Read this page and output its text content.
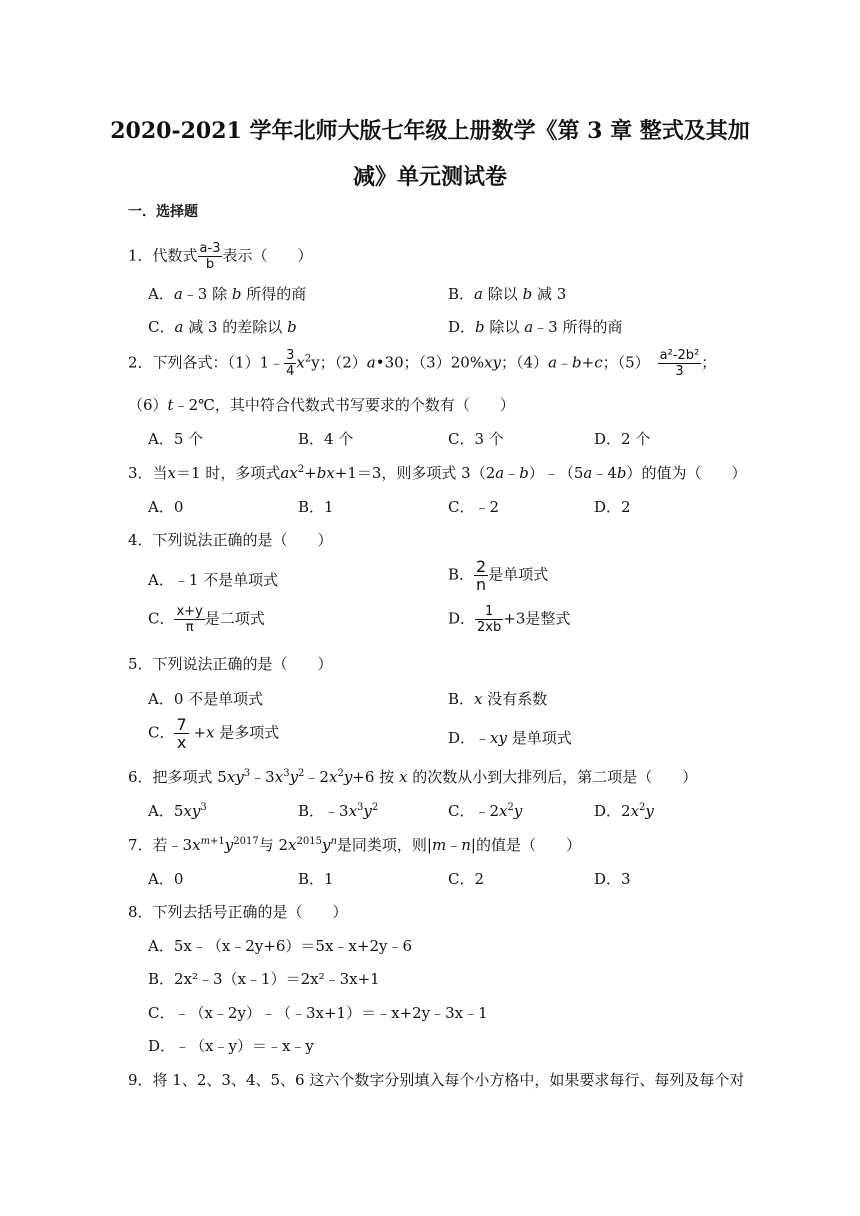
2020-2021 学年北师大版七年级上册数学《第 3 章 整式及其加
减》单元测试卷
一．选择题
1．代数式 $\frac{a-3}{b}$ 表示（　　）
A．a﹣3 除 b 所得的商	B．a 除以 b 减 3
C．a 减 3 的差除以 b	D．b 除以 a﹣3 所得的商
2．下列各式：（1）1﹣ $\frac{3}{4} x^2y$；（2）a•30；（3）20%xy；（4）a﹣b+c；$(5) \frac{\text{a²-2b²}}{3}$ ；
（6）t﹣2℃，其中符合代数式书写要求的个数有（　　）
A．5 个	B．4 个	C．3 个	D．2 个
3．当x＝1 时，多项式$ax^2+bx+1=3$，则多项式 3（2a﹣b）﹣（5a﹣4b）的值为（　　）
A．0	B．1	C．﹣2	D．2
4．下列说法正确的是（　　）
A．﹣1 不是单项式	B． $\frac{2}{n}$ 是单项式
C． $\frac{x+y}{\pi}$ 是二项式	D． $\frac{1}{2xb} +3$是整式
5．下列说法正确的是（　　）
A．0 不是单项式	B．x 没有系数
C． $\frac{7}{x} +x$ 是多项式	D．﹣xy 是单项式
6．把多项式 $5xy^3﹣3x^3y^2﹣2x^2y+6$ 按 x 的次数从小到大排列后，第二项是（　　）
A．$5xy^3$	B．$﹣3x^3y^2$	C．$﹣2x^2y$	D．$2x^2y$
7．若$﹣3x^{m+1}y^{2017}$与 $2x^{2015}y^n$是同类项，则|m﹣n|的值是（　　）
A．0	B．1	C．2	D．3
8．下列去括号正确的是（　　）
A．5x﹣（x﹣2y+6）＝5x﹣x+2y﹣6
B．2x²﹣3（x﹣1）＝2x²﹣3x+1
C．﹣（x﹣2y）﹣（﹣3x+1）＝﹣x+2y﹣3x﹣1
D．﹣（x﹣y）＝﹣x﹣y
9．将 1、2、3、4、5、6 这六个数字分别填入每个小方格中，如果要求每行、每列及每个对
